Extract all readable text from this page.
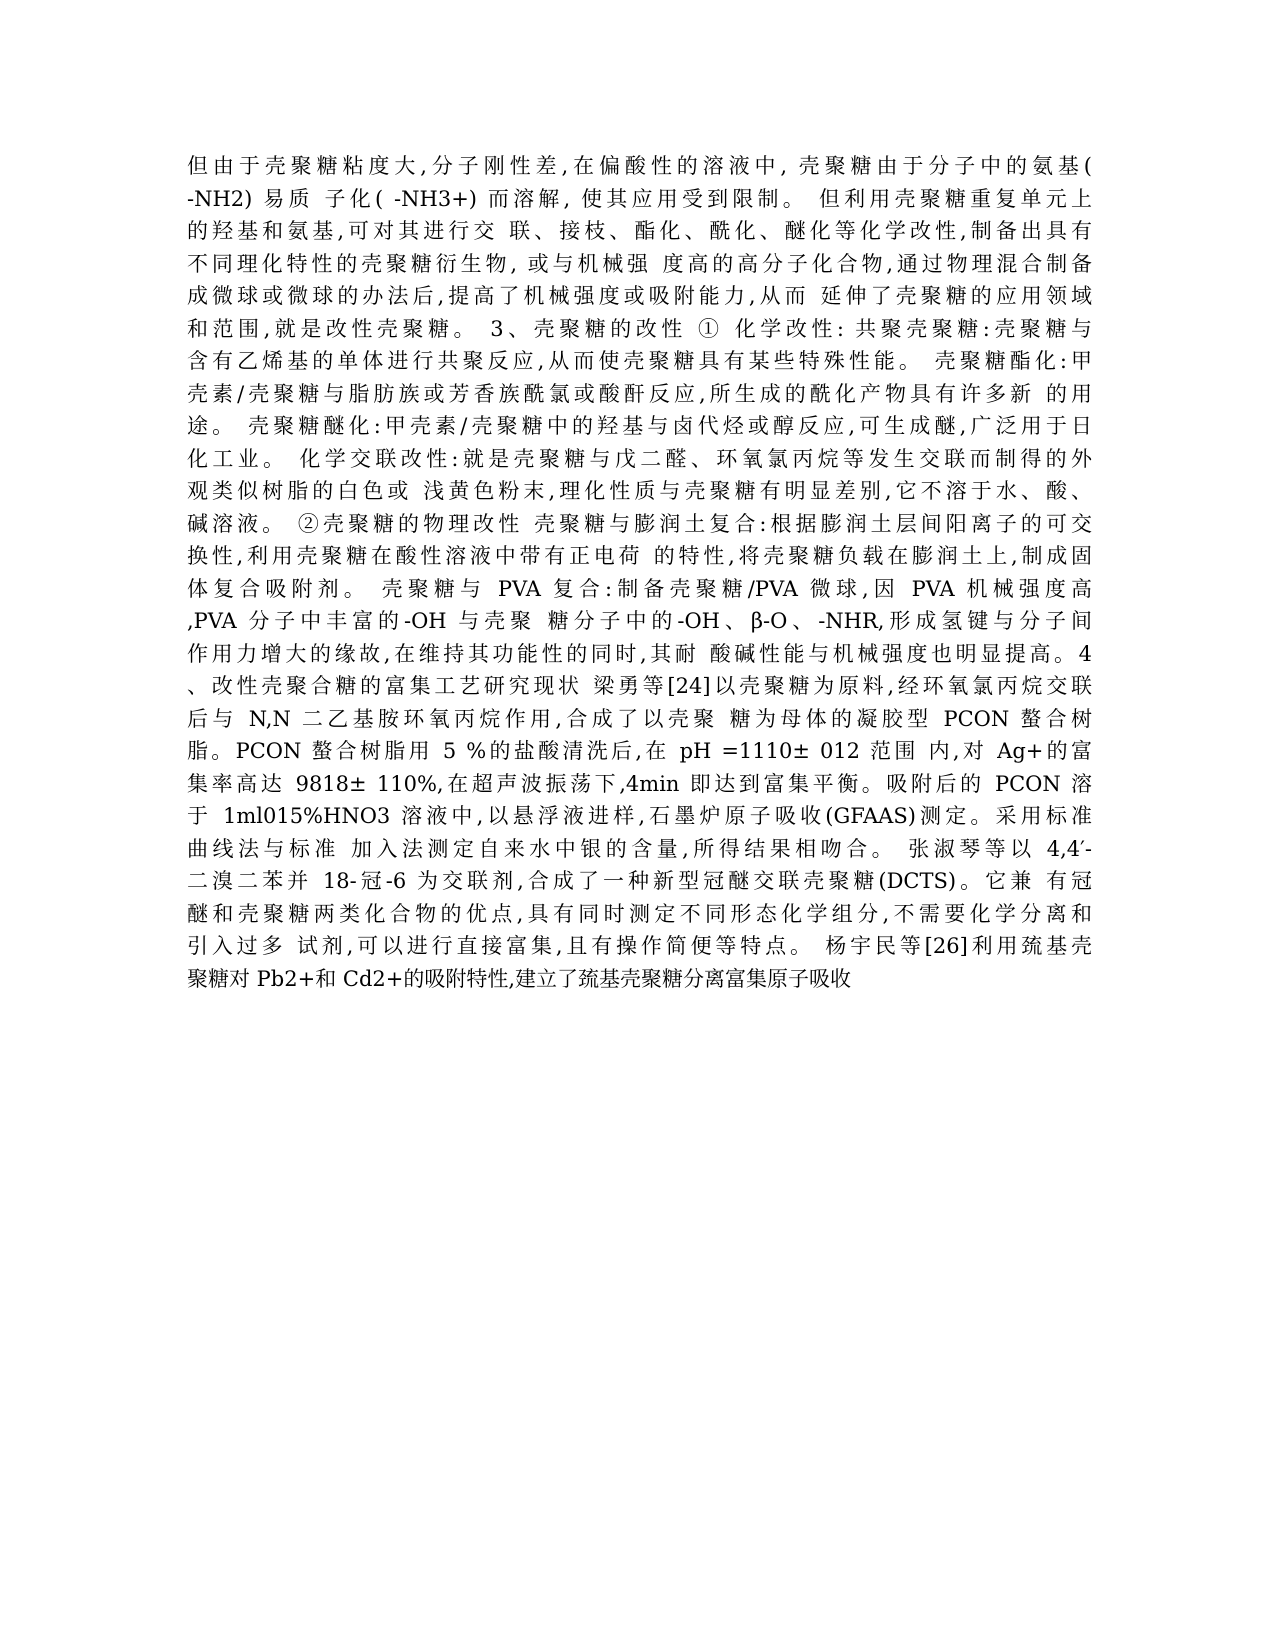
但由于壳聚糖粘度大,分子刚性差,在偏酸性的溶液中, 壳聚糖由于分子中的氨基(
-NH2) 易质 子化( -NH3+) 而溶解, 使其应用受到限制。 但利用壳聚糖重复单元上
的羟基和氨基,可对其进行交 联、接枝、酯化、酰化、醚化等化学改性,制备出具有
不同理化特性的壳聚糖衍生物, 或与机械强 度高的高分子化合物,通过物理混合制备
成微球或微球的办法后,提高了机械强度或吸附能力,从而 延伸了壳聚糖的应用领域
和范围,就是改性壳聚糖。 3、壳聚糖的改性 ① 化学改性: 共聚壳聚糖:壳聚糖与
含有乙烯基的单体进行共聚反应,从而使壳聚糖具有某些特殊性能。 壳聚糖酯化:甲
壳素/壳聚糖与脂肪族或芳香族酰氯或酸酐反应,所生成的酰化产物具有许多新 的用
途。 壳聚糖醚化:甲壳素/壳聚糖中的羟基与卤代烃或醇反应,可生成醚,广泛用于日
化工业。 化学交联改性:就是壳聚糖与戊二醛、环氧氯丙烷等发生交联而制得的外
观类似树脂的白色或 浅黄色粉末,理化性质与壳聚糖有明显差别,它不溶于水、酸、
碱溶液。 ②壳聚糖的物理改性 壳聚糖与膨润土复合:根据膨润土层间阳离子的可交
换性,利用壳聚糖在酸性溶液中带有正电荷 的特性,将壳聚糖负载在膨润土上,制成固
体复合吸附剂。 壳聚糖与 PVA 复合:制备壳聚糖/PVA 微球,因 PVA 机械强度高
,PVA 分子中丰富的-OH 与壳聚 糖分子中的-OH、β-O、-NHR,形成氢键与分子间
作用力增大的缘故,在维持其功能性的同时,其耐 酸碱性能与机械强度也明显提高。4
、改性壳聚合糖的富集工艺研究现状 梁勇等[24]以壳聚糖为原料,经环氧氯丙烷交联
后与 N,N 二乙基胺环氧丙烷作用,合成了以壳聚 糖为母体的凝胶型 PCON 螯合树
脂。PCON 螯合树脂用 5 %的盐酸清洗后,在 pH =1110± 012 范围 内,对 Ag+的富
集率高达 9818± 110%,在超声波振荡下,4min 即达到富集平衡。吸附后的 PCON 溶
于 1ml015%HNO3 溶液中,以悬浮液进样,石墨炉原子吸收(GFAAS)测定。采用标准
曲线法与标准 加入法测定自来水中银的含量,所得结果相吻合。 张淑琴等以 4,4′-
二溴二苯并 18-冠-6 为交联剂,合成了一种新型冠醚交联壳聚糖(DCTS)。它兼 有冠
醚和壳聚糖两类化合物的优点,具有同时测定不同形态化学组分,不需要化学分离和
引入过多 试剂,可以进行直接富集,且有操作简便等特点。 杨宇民等[26]利用巯基壳
聚糖对 Pb2+和 Cd2+的吸附特性,建立了巯基壳聚糖分离富集原子吸收
